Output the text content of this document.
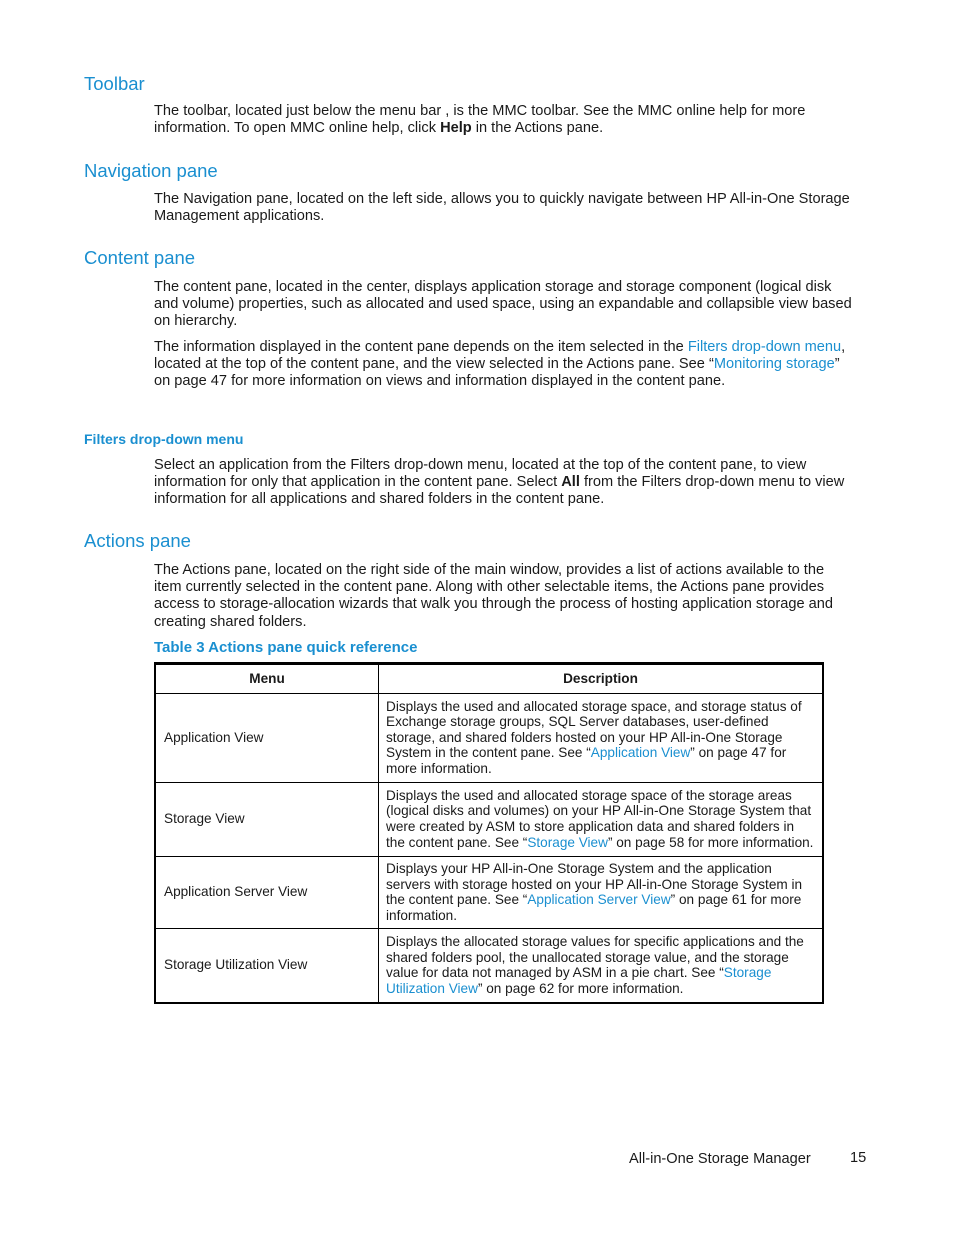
Toolbar

The toolbar, located just below the menu bar , is the MMC toolbar. See the MMC online help for more information. To open MMC online help, click Help in the Actions pane.

Navigation pane

The Navigation pane, located on the left side, allows you to quickly navigate between HP All-in-One Storage Management applications.

Content pane

The content pane, located in the center, displays application storage and storage component (logical disk and volume) properties, such as allocated and used space, using an expandable and collapsible view based on hierarchy.

The information displayed in the content pane depends on the item selected in the Filters drop-down menu, located at the top of the content pane, and the view selected in the Actions pane. See “Monitoring storage” on page 47 for more information on views and information displayed in the content pane.

Filters drop-down menu

Select an application from the Filters drop-down menu, located at the top of the content pane, to view information for only that application in the content pane. Select All from the Filters drop-down menu to view information for all applications and shared folders in the content pane.

Actions pane

The Actions pane, located on the right side of the main window, provides a list of actions available to the item currently selected in the content pane. Along with other selectable items, the Actions pane provides access to storage-allocation wizards that walk you through the process of hosting application storage and creating shared folders.

Table 3 Actions pane quick reference

Menu	Description
Application View	Displays the used and allocated storage space, and storage status of Exchange storage groups, SQL Server databases, user-defined storage, and shared folders hosted on your HP All-in-One Storage System in the content pane. See “Application View” on page 47 for more information.
Storage View	Displays the used and allocated storage space of the storage areas (logical disks and volumes) on your HP All-in-One Storage System that were created by ASM to store application data and shared folders in the content pane. See “Storage View” on page 58 for more information.
Application Server View	Displays your HP All-in-One Storage System and the application servers with storage hosted on your HP All-in-One Storage System in the content pane. See “Application Server View” on page 61 for more information.
Storage Utilization View	Displays the allocated storage values for specific applications and the shared folders pool, the unallocated storage value, and the storage value for data not managed by ASM in a pie chart. See “Storage Utilization View” on page 62 for more information.

All-in-One Storage Manager	15
